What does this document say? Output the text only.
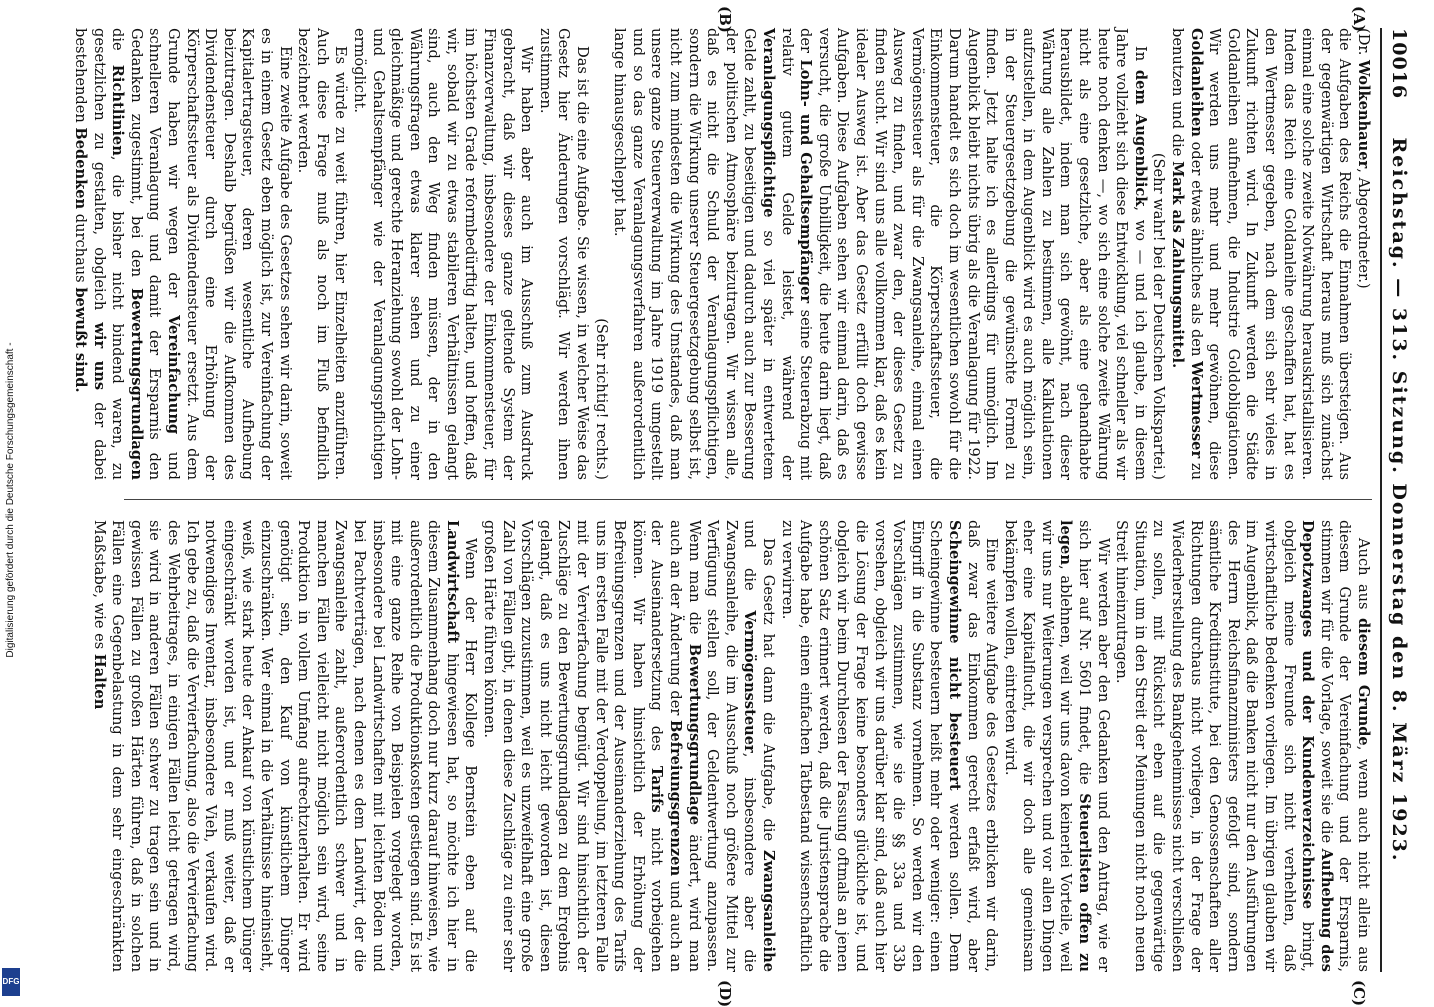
Digitalisierung gefördert durch die Deutsche Forschungsgemeinschaft -
DFG
10016
Reichstag. — 313. Sitzung. Donnerstag den 8. März 1923.
(A)
(B)
(C)
(D)

(Dr. Wolkenhauer, Abgeordneter.)

die Aufgaben des Reichs die Einnahmen übersteigen. Aus der gegenwärtigen Wirtschaft heraus muß sich zunächst einmal eine solche zweite Notwährung herauskristallisieren. Indem das Reich eine Goldanleihe geschaffen hat, hat es den Wertmesser gegeben, nach dem sich sehr vieles in Zukunft richten wird. In Zukunft werden die Städte Goldanleihen aufnehmen, die Industrie Goldobligationen. Wir werden uns mehr und mehr gewöhnen, diese Goldanleihen oder etwas ähnliches als den Wertmesser zu benutzen und die Mark als Zahlungsmittel.

(Sehr wahr! bei der Deutschen Volkspartei.)

In dem Augenblick, wo — und ich glaube, in diesem Jahre vollzieht sich diese Entwicklung, viel schneller als wir heute noch denken —, wo sich eine solche zweite Währung nicht als eine gesetzliche, aber als eine gehandhabte herausbildet, indem man sich gewöhnt, nach dieser Währung alle Zahlen zu bestimmen, alle Kalkulationen aufzustellen, in dem Augenblick wird es auch möglich sein, in der Steuergesetzgebung die gewünschte Formel zu finden. Jetzt halte ich es allerdings für unmöglich. Im Augenblick bleibt nichts übrig als die Veranlagung für 1922. Darum handelt es sich doch im wesentlichen sowohl für die Einkommensteuer, die Körperschaftssteuer, die Vermögenssteuer als für die Zwangsanleihe, einmal einen Ausweg zu finden, und zwar den, der dieses Gesetz zu finden sucht. Wir sind uns alle vollkommen klar, daß es kein idealer Ausweg ist. Aber das Gesetz erfüllt doch gewisse Aufgaben. Diese Aufgaben sehen wir einmal darin, daß es versucht, die große Unbilligkeit, die heute darin liegt, daß der Lohn- und Gehaltsempfänger seine Steuerabzug mit relativ gutem Gelde leistet, während der Veranlagungspflichtige so viel später in entwertetem Gelde zahlt, zu beseitigen und dadurch auch zur Besserung der politischen Atmosphäre beizutragen. Wir wissen alle, daß es nicht die Schuld der Veranlagungspflichtigen, sondern die Wirkung unserer Steuergesetzgebung selbst ist, nicht zum mindesten die Wirkung des Umstandes, daß man unsere ganze Steuerverwaltung im Jahre 1919 umgestellt und so das ganze Veranlagungsverfahren außerordentlich lange hinausgeschleppt hat.

(Sehr richtig! rechts.)

Das ist die eine Aufgabe. Sie wissen, in welcher Weise das Gesetz hier Änderungen vorschlägt. Wir werden ihnen zustimmen.

Wir haben aber auch im Ausschuß zum Ausdruck gebracht, daß wir dieses ganze geltende System der Finanzverwaltung, insbesondere der Einkommensteuer, für im höchsten Grade reformbedürftig halten, und hoffen, daß wir, sobald wir zu etwas stabileren Verhältnissen gelangt sind, auch den Weg finden müssen, der in den Währungsfragen etwas klarer sehen und zu einer gleichmäßige und gerechte Heranziehung sowohl der Lohn- und Gehaltsempfänger wie der Veranlagungspflichtigen ermöglicht.

Es würde zu weit führen, hier Einzelheiten anzuführen. Auch diese Frage muß als noch im Fluß befindlich bezeichnet werden.

Eine zweite Aufgabe des Gesetzes sehen wir darin, soweit es in einem Gesetz eben möglich ist, zur Vereinfachung der Kapitalertragsteuer, deren wesentliche Aufhebung beizutragen. Deshalb begrüßen wir die Aufkommen des Dividendensteuer durch eine Erhöhung der Körperschaftssteuer als Dividendensteuer ersetzt. Aus dem Grunde haben wir wegen der Vereinfachung und schnelleren Veranlagung und damit der Ersparnis den Gedanken zugestimmt, bei den Bewertungsgrundlagen die Richtlinien, die bisher nicht bindend waren, zu gesetzlichen zu gestalten, obgleich wir uns der dabei bestehenden Bedenken durchaus bewußt sind.

Auch aus diesem Grunde, wenn auch nicht allein aus diesem Grunde der Vereinfachung und der Ersparnis, stimmen wir für die Vorlage, soweit sie die Aufhebung des Depotzwanges und der Kundenverzeichnisse bringt, obgleich meine Freunde sich nicht verhehlen, daß wirtschaftliche Bedenken vorliegen. Im übrigen glauben wir im Augenblick, daß die Banken nicht nur den Ausführungen des Herrn Reichsfinanzministers gefolgt sind, sondern sämtliche Kreditinstitute, bei den Genossenschaften aller Richtungen durchaus nicht vorliegen, in der Frage der Wiederherstellung des Bankgeheimnisses nicht verschließen zu sollen, mit Rücksicht eben auf die gegenwärtige Situation, um in den Streit der Meinungen nicht noch neuen Streit hineinzutragen.

Wir werden aber den Gedanken und den Antrag, wie er sich hier auf Nr. 5601 findet, die Steuerlisten offen zu legen, ablehnen, weil wir uns davon keinerlei Vorteile, weil wir uns nur Weiterungen versprechen und vor allen Dingen eher eine Kapitalflucht, die wir doch alle gemeinsam bekämpfen wollen, eintreten wird.

Eine weitere Aufgabe des Gesetzes erblicken wir darin, daß zwar das Einkommen gerecht erfaßt wird, aber Scheingewinne nicht besteuert werden sollen. Denn Scheingewinne besteuern heißt mehr oder weniger: einen Eingriff in die Substanz vornehmen. So werden wir den Vorschlägen zustimmen, wie sie die §§ 33a und 33b vorsehen, obgleich wir uns darüber klar sind, daß auch hier die Lösung der Frage keine besonders glückliche ist, und obgleich wir beim Durchlesen der Fassung oftmals an jenen schönen Satz erinnert werden, daß die Juristensprache die Aufgabe habe, einen einfachen Tatbestand wissenschaftlich zu verwirren.

Das Gesetz hat dann die Aufgabe, die Zwangsanleihe und die Vermögenssteuer, insbesondere aber die Zwangsanleihe, die im Ausschuß noch größere Mittel zur Verfügung stellen soll, der Geldentwertung anzupassen. Wenn man die Bewertungsgrundlage ändert, wird man auch an der Änderung der Befreiungsgrenzen und auch an der Auseinandersetzung des Tarifs nicht vorbeigehen können. Wir haben hinsichtlich der Erhöhung der Befreiungsgrenzen und der Auseinanderziehung des Tarifs uns im ersten Falle mit der Verdoppelung, im letzteren Falle mit der Vervierfachung begnügt. Wir sind hinsichtlich der Zuschläge zu den Bewertungsgrundlagen zu dem Ergebnis gelangt, daß es uns nicht leicht geworden ist, diesen Vorschlägen zuzustimmen, weil es unzweifelhaft eine große Zahl von Fällen gibt, in denen diese Zuschläge zu einer sehr großen Härte führen können.

Wenn der Herr Kollege Bernstein eben auf die Landwirtschaft hingewiesen hat, so möchte ich hier in diesem Zusammenhang doch nur kurz darauf hinweisen, wie außerordentlich die Produktionskosten gestiegen sind. Es ist mit eine ganze Reihe von Beispielen vorgelegt worden, insbesondere bei Landwirtschaften mit leichten Böden und bei Pachtverträgen, nach denen es dem Landwirt, der die Zwangsanleihe zahlt, außerordentlich schwer und in manchen Fällen vielleicht nicht möglich sein wird, seine Produktion in vollem Umfang aufrechtzuerhalten. Er wird genötigt sein, den Kauf von künstlichem Dünger einzuschränken. Wer einmal in die Verhältnisse hineinsieht, weiß, wie stark heute der Ankauf von künstlichem Dünger eingeschränkt worden ist, und er muß weiter, daß er notwendiges Inventar, insbesondere Vieh, verkaufen wird. Ich gebe zu, daß die Vervierfachung, also die Vervierfachung des Wehrbeitrages, in einigen Fällen leicht getragen wird, sie wird in anderen Fällen schwer zu tragen sein und in gewissen Fällen zu großen Härten führen, daß in solchen Fällen eine Gegenbelastung in dem sehr eingeschränkten Maßstabe, wie es Halten
